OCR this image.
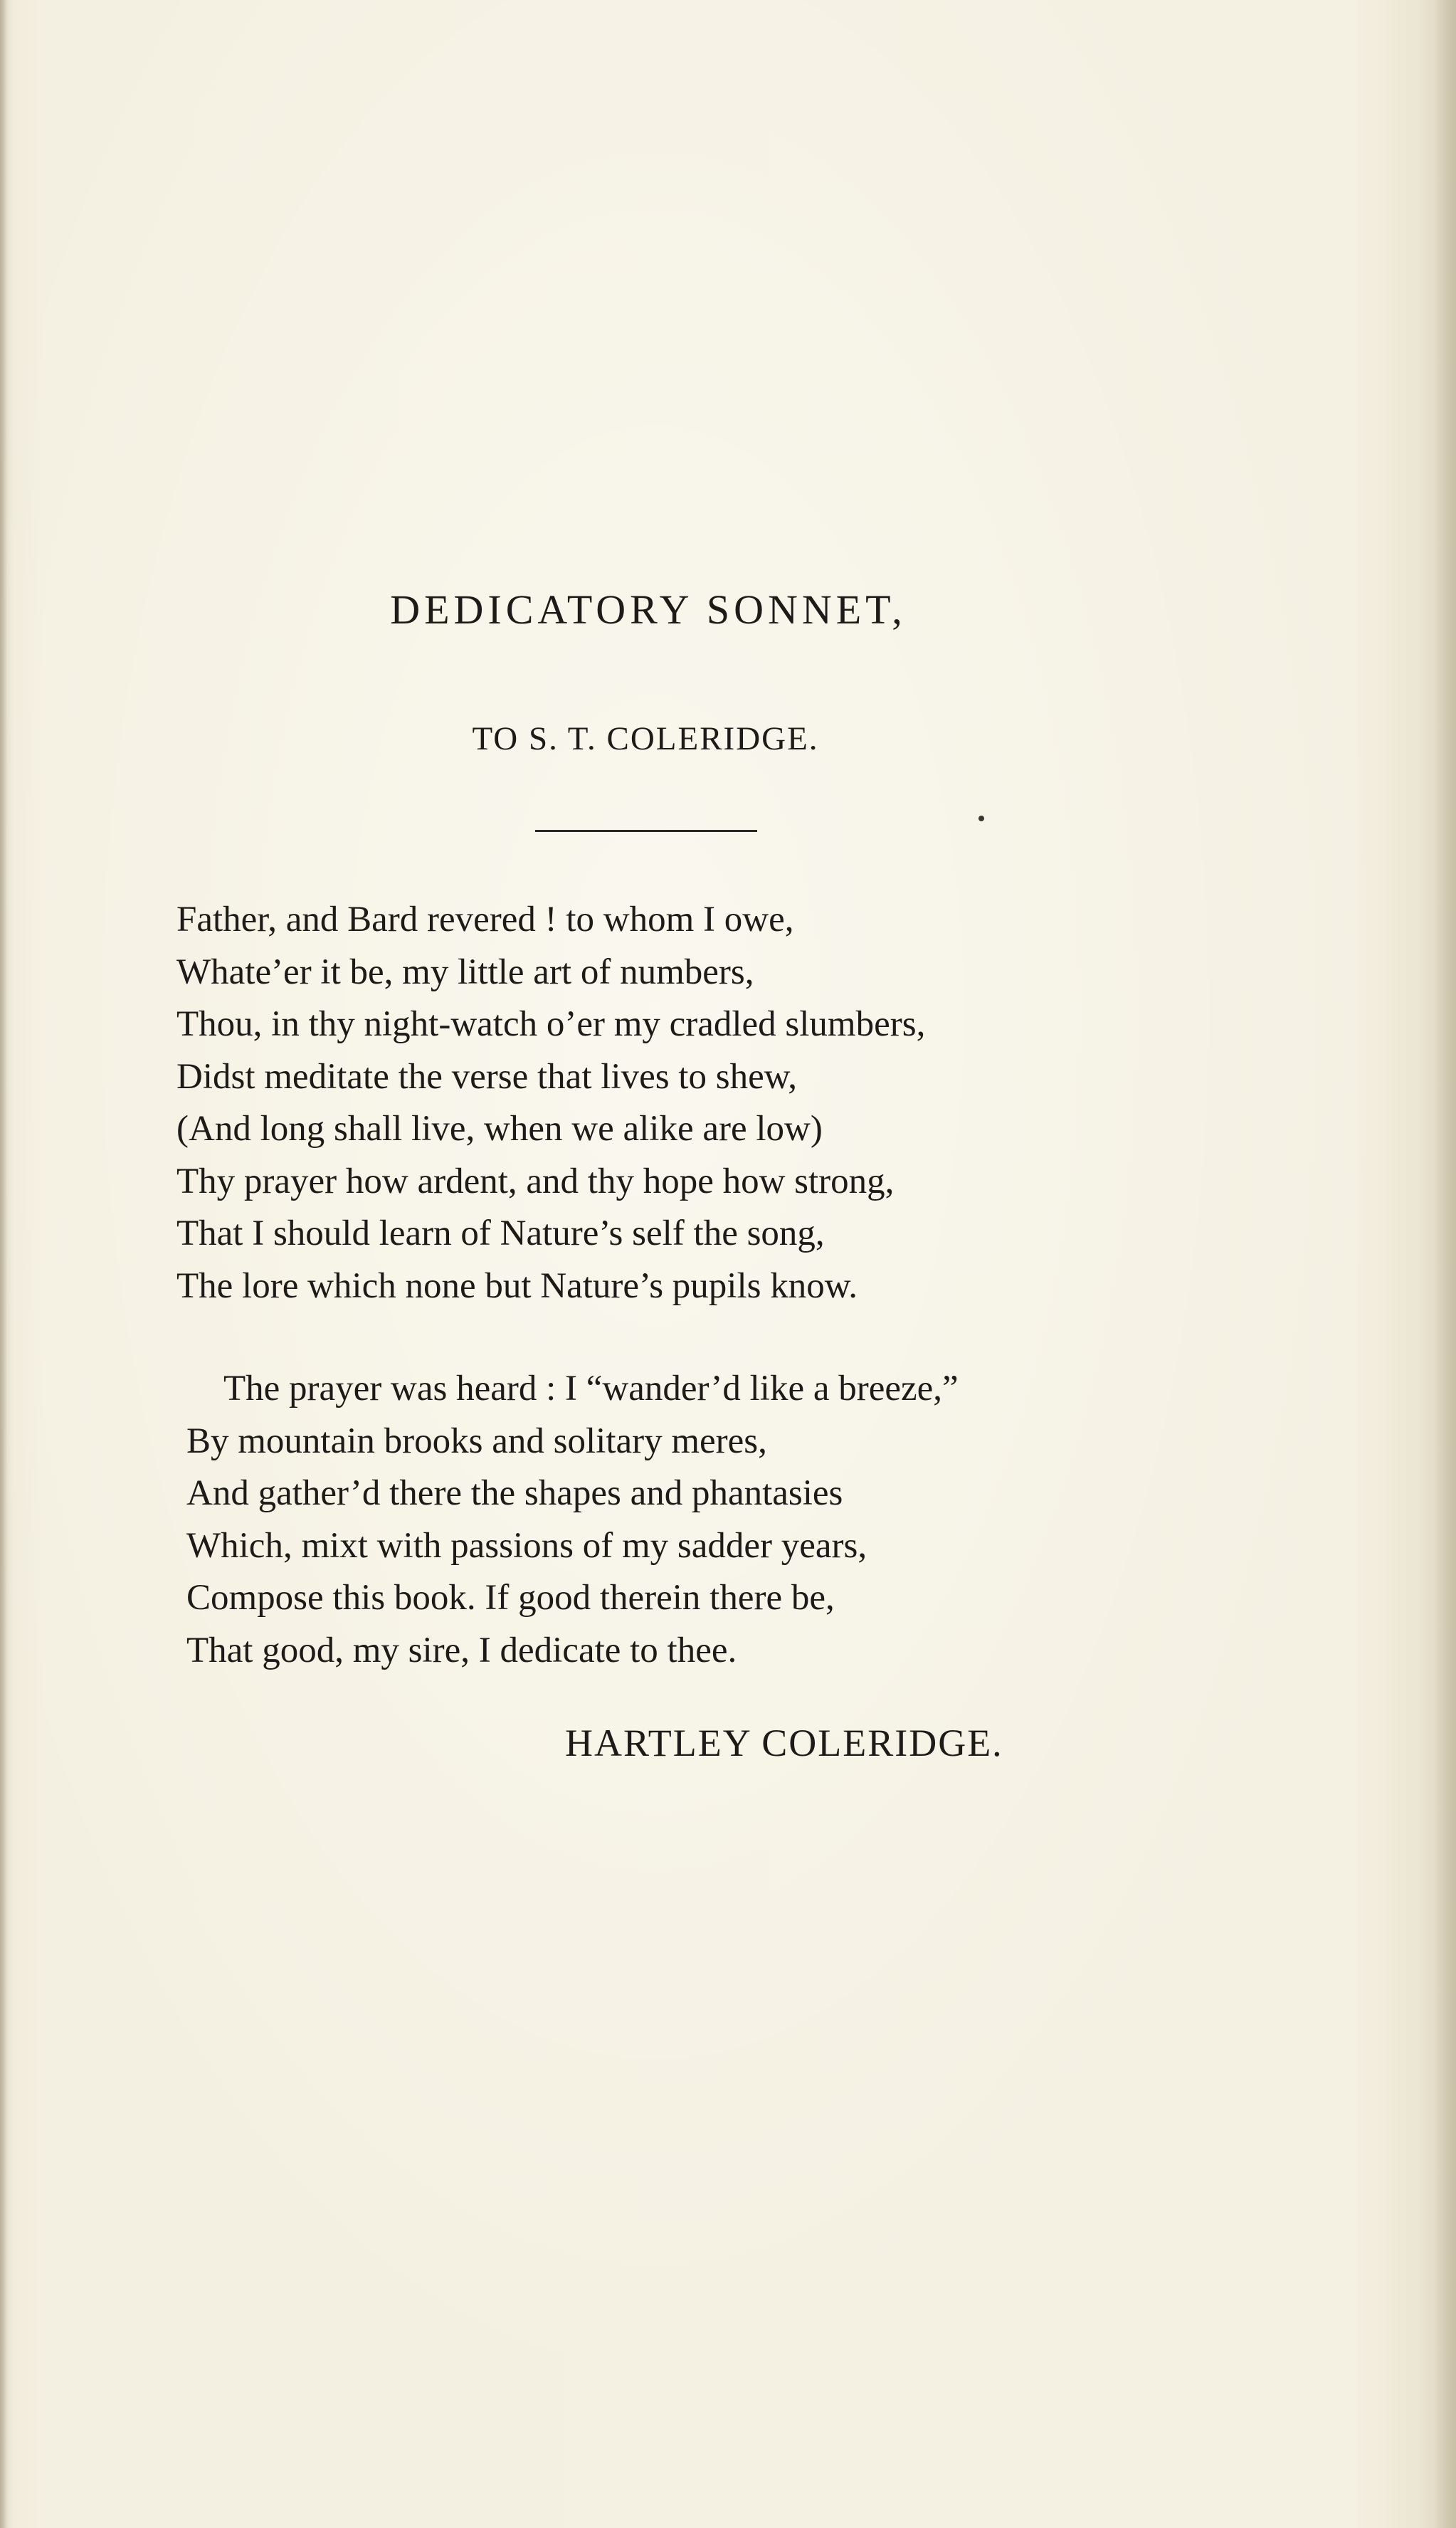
DEDICATORY SONNET,
TO S. T. COLERIDGE.
Father, and Bard revered ! to whom I owe,
Whate’er it be, my little art of numbers,
Thou, in thy night-watch o’er my cradled slumbers,
Didst meditate the verse that lives to shew,
(And long shall live, when we alike are low)
Thy prayer how ardent, and thy hope how strong,
That I should learn of Nature’s self the song,
The lore which none but Nature’s pupils know.
The prayer was heard : I “wander’d like a breeze,”
By mountain brooks and solitary meres,
And gather’d there the shapes and phantasies
Which, mixt with passions of my sadder years,
Compose this book. If good therein there be,
That good, my sire, I dedicate to thee.
HARTLEY COLERIDGE.
